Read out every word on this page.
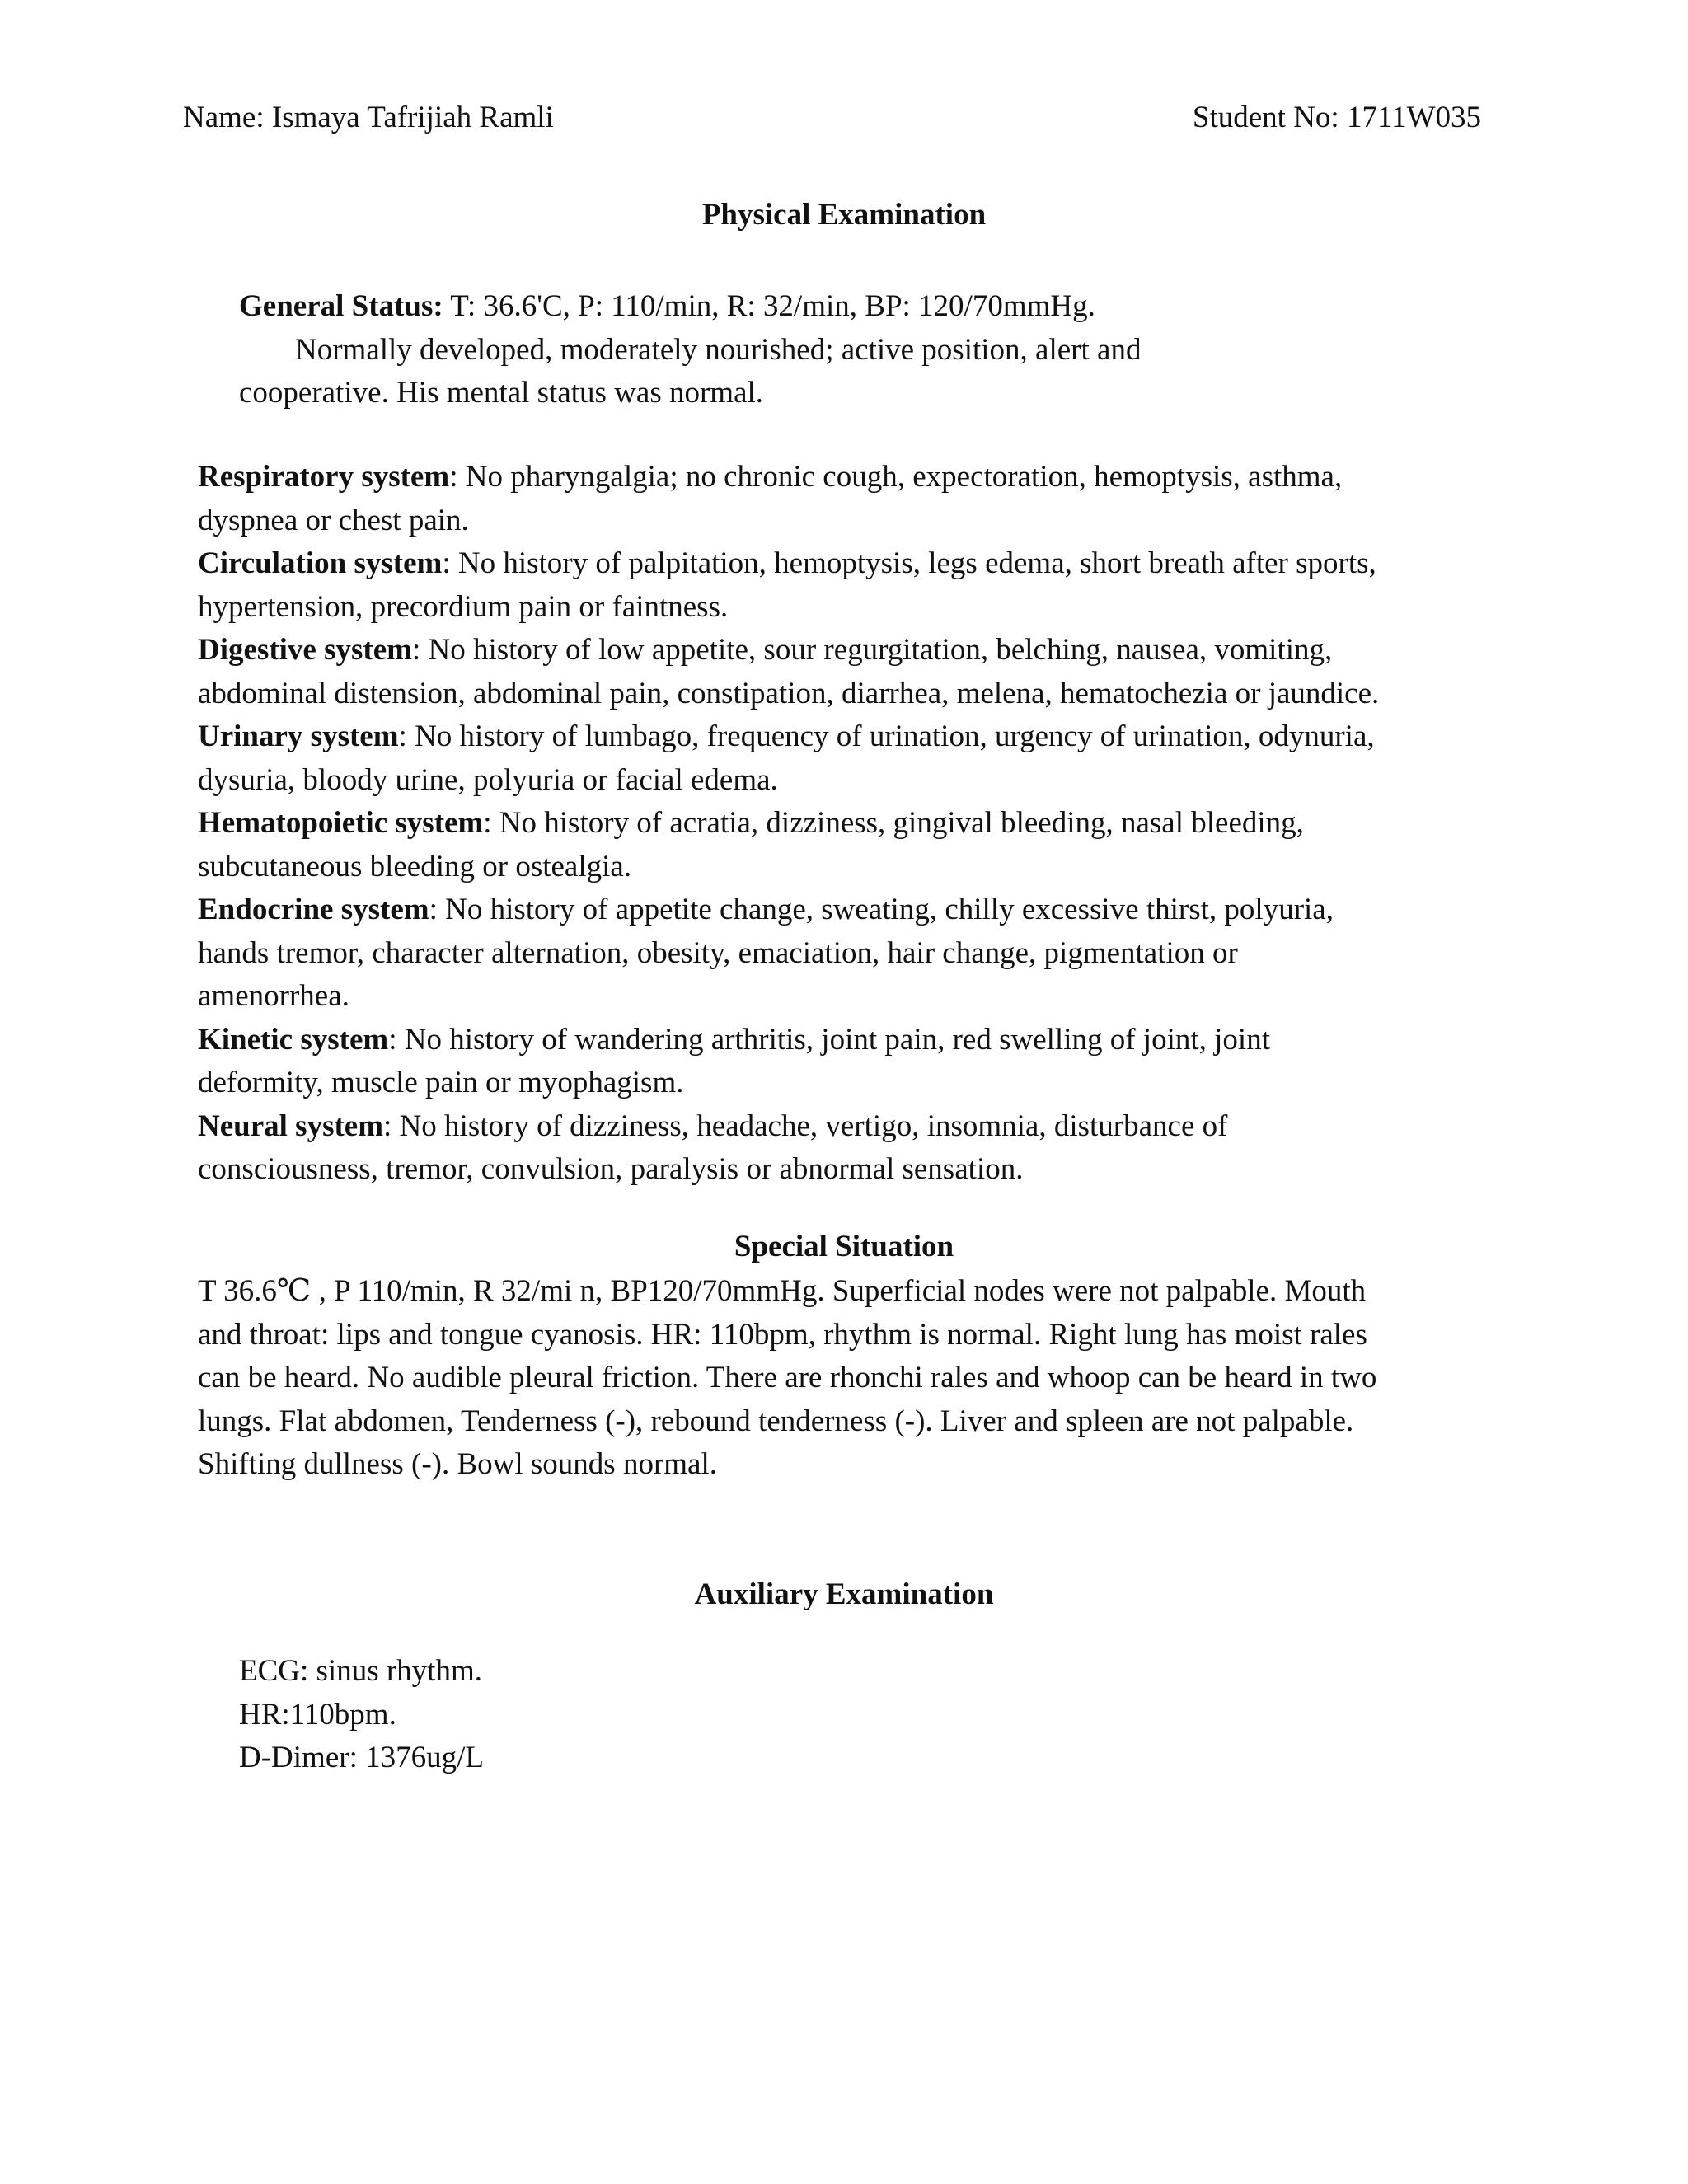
Name: Ismaya Tafrijiah Ramli	Student No: 1711W035
Physical Examination

General Status: T: 36.6'C, P: 110/min, R: 32/min, BP: 120/70mmHg.

Normally developed, moderately nourished; active position, alert and

cooperative. His mental status was normal.

Respiratory system: No pharyngalgia; no chronic cough, expectoration, hemoptysis, asthma,

dyspnea or chest pain.

Circulation system: No history of palpitation, hemoptysis, legs edema, short breath after sports,

hypertension, precordium pain or faintness.

Digestive system: No history of low appetite, sour regurgitation, belching, nausea, vomiting,

abdominal distension, abdominal pain, constipation, diarrhea, melena, hematochezia or jaundice.

Urinary system: No history of lumbago, frequency of urination, urgency of urination, odynuria,

dysuria, bloody urine, polyuria or facial edema.

Hematopoietic system: No history of acratia, dizziness, gingival bleeding, nasal bleeding,

subcutaneous bleeding or ostealgia.

Endocrine system: No history of appetite change, sweating, chilly excessive thirst, polyuria,

hands tremor, character alternation, obesity, emaciation, hair change, pigmentation or

amenorrhea.

Kinetic system: No history of wandering arthritis, joint pain, red swelling of joint, joint

deformity, muscle pain or myophagism.

Neural system: No history of dizziness, headache, vertigo, insomnia, disturbance of

consciousness, tremor, convulsion, paralysis or abnormal sensation.

Special Situation

T 36.6℃ , P 110/min, R 32/mi n, BP120/70mmHg. Superficial nodes were not palpable. Mouth

and throat: lips and tongue cyanosis. HR: 110bpm, rhythm is normal. Right lung has moist rales

can be heard. No audible pleural friction. There are rhonchi rales and whoop can be heard in two

lungs. Flat abdomen, Tenderness (-), rebound tenderness (-). Liver and spleen are not palpable.

Shifting dullness (-). Bowl sounds normal.

Auxiliary Examination

ECG: sinus rhythm.

HR:110bpm.

D-Dimer: 1376ug/L
